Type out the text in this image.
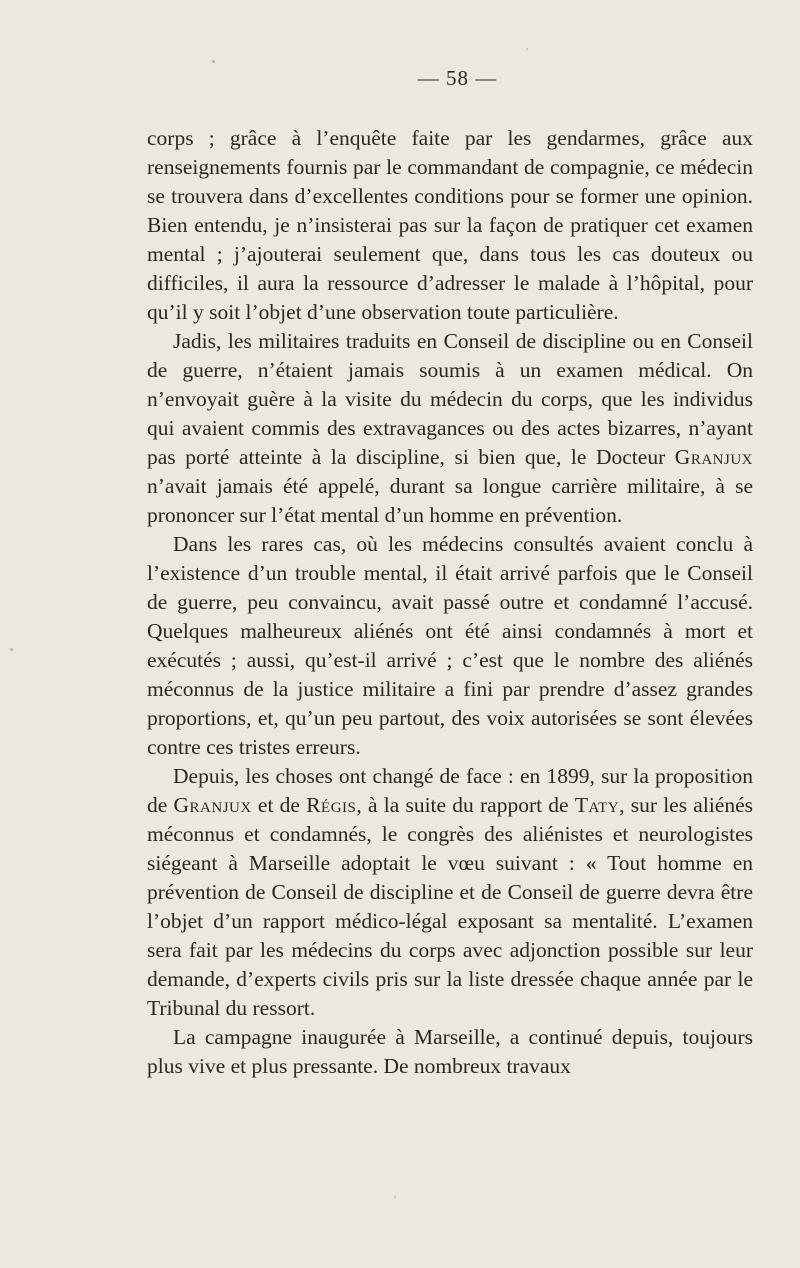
— 58 —

corps ; grâce à l’enquête faite par les gendarmes, grâce aux renseignements fournis par le commandant de compagnie, ce médecin se trouvera dans d’excellentes conditions pour se former une opinion. Bien entendu, je n’insisterai pas sur la façon de pratiquer cet examen mental ; j’ajouterai seulement que, dans tous les cas douteux ou difficiles, il aura la ressource d’adresser le malade à l’hôpital, pour qu’il y soit l’objet d’une observation toute particulière.

Jadis, les militaires traduits en Conseil de discipline ou en Conseil de guerre, n’étaient jamais soumis à un examen médical. On n’envoyait guère à la visite du médecin du corps, que les individus qui avaient commis des extravagances ou des actes bizarres, n’ayant pas porté atteinte à la discipline, si bien que, le Docteur Granjux n’avait jamais été appelé, durant sa longue carrière militaire, à se prononcer sur l’état mental d’un homme en prévention.

Dans les rares cas, où les médecins consultés avaient conclu à l’existence d’un trouble mental, il était arrivé parfois que le Conseil de guerre, peu convaincu, avait passé outre et condamné l’accusé. Quelques malheureux aliénés ont été ainsi condamnés à mort et exécutés ; aussi, qu’est-il arrivé ; c’est que le nombre des aliénés méconnus de la justice militaire a fini par prendre d’assez grandes proportions, et, qu’un peu partout, des voix autorisées se sont élevées contre ces tristes erreurs.

Depuis, les choses ont changé de face : en 1899, sur la proposition de Granjux et de Régis, à la suite du rapport de Taty, sur les aliénés méconnus et condamnés, le congrès des aliénistes et neurologistes siégeant à Marseille adoptait le vœu suivant : « Tout homme en prévention de Conseil de discipline et de Conseil de guerre devra être l’objet d’un rapport médico-légal exposant sa mentalité. L’examen sera fait par les médecins du corps avec adjonction possible sur leur demande, d’experts civils pris sur la liste dressée chaque année par le Tribunal du ressort.

La campagne inaugurée à Marseille, a continué depuis, toujours plus vive et plus pressante. De nombreux travaux
